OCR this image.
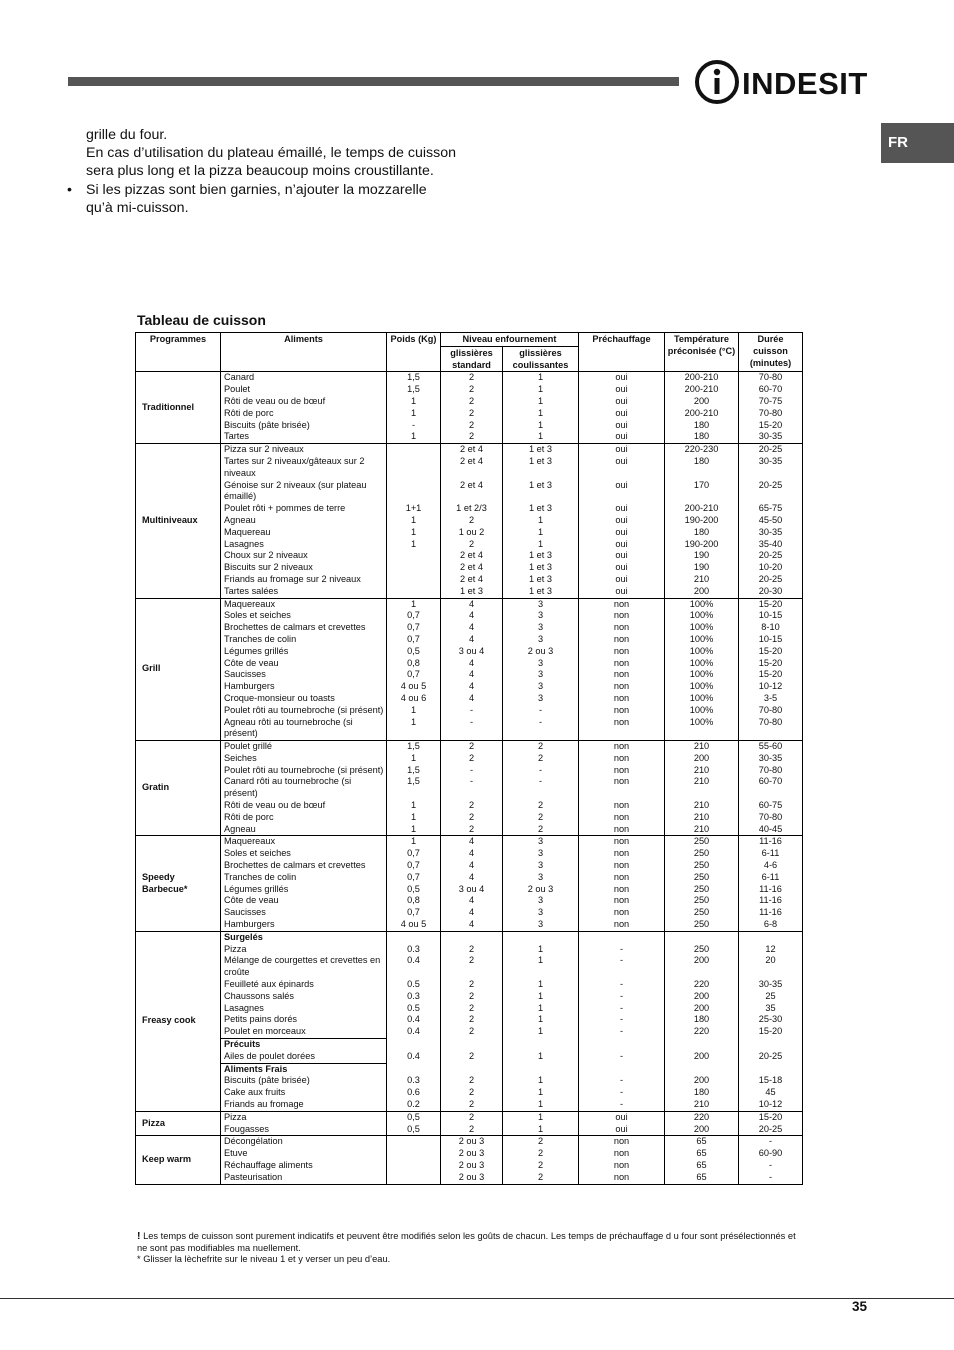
INDESIT
FR

grille du four.
En cas d’utilisation du plateau émaillé, le temps de cuisson sera plus long et la pizza beaucoup moins croustillante.

• Si les pizzas sont bien garnies, n’ajouter la mozzarelle qu’à mi-cuisson.

Tableau de cuisson
Programmes	Aliments	Poids (Kg)	Niveau enfournement		Préchauffage	Température préconisée (°C)	Durée cuisson (minutes)
			glissières standard	glissières coulissantes			
Traditionnel	Canard	1,5	2	1	oui	200-210	70-80
	Poulet	1,5	2	1	oui	200-210	60-70
	Rôti de veau ou de bœuf	1	2	1	oui	200	70-75
	Rôti de porc	1	2	1	oui	200-210	70-80
	Biscuits (pâte brisée)	-	2	1	oui	180	15-20
	Tartes	1	2	1	oui	180	30-35
Multiniveaux	Pizza sur 2 niveaux		2 et 4	1 et 3	oui	220-230	20-25
	Tartes sur 2 niveaux/gâteaux sur 2 niveaux		2 et 4	1 et 3	oui	180	30-35
	Génoise sur 2 niveaux (sur plateau émaillé)		2 et 4	1 et 3	oui	170	20-25
	Poulet rôti + pommes de terre	1+1	1 et 2/3	1 et 3	oui	200-210	65-75
	Agneau	1	2	1	oui	190-200	45-50
	Maquereau	1	1 ou 2	1	oui	180	30-35
	Lasagnes	1	2	1	oui	190-200	35-40
	Choux sur 2 niveaux		2 et 4	1 et 3	oui	190	20-25
	Biscuits sur 2 niveaux		2 et 4	1 et 3	oui	190	10-20
	Friands au fromage sur 2 niveaux		2 et 4	1 et 3	oui	210	20-25
	Tartes salées		1 et 3	1 et 3	oui	200	20-30
Grill	Maquereaux	1	4	3	non	100%	15-20
	Soles et seiches	0,7	4	3	non	100%	10-15
	Brochettes de calmars et crevettes	0,7	4	3	non	100%	8-10
	Tranches de colin	0,7	4	3	non	100%	10-15
	Légumes grillés	0,5	3 ou 4	2 ou 3	non	100%	15-20
	Côte de veau	0,8	4	3	non	100%	15-20
	Saucisses	0,7	4	3	non	100%	15-20
	Hamburgers	4 ou 5	4	3	non	100%	10-12
	Croque-monsieur ou toasts	4 ou 6	4	3	non	100%	3-5
	Poulet rôti au tournebroche (si présent)	1	-	-	non	100%	70-80
	Agneau rôti au tournebroche (si présent)	1	-	-	non	100%	70-80
Gratin	Poulet grillé	1,5	2	2	non	210	55-60
	Seiches	1	2	2	non	200	30-35
	Poulet rôti au tournebroche (si présent)	1,5	-	-	non	210	70-80
	Canard rôti au tournebroche (si présent)	1,5	-	-	non	210	60-70
	Rôti de veau ou de bœuf	1	2	2	non	210	60-75
	Rôti de porc	1	2	2	non	210	70-80
	Agneau	1	2	2	non	210	40-45
Speedy Barbecue*	Maquereaux	1	4	3	non	250	11-16
	Soles et seiches	0,7	4	3	non	250	6-11
	Brochettes de calmars et crevettes	0,7	4	3	non	250	4-6
	Tranches de colin	0,7	4	3	non	250	6-11
	Légumes grillés	0,5	3 ou 4	2 ou 3	non	250	11-16
	Côte de veau	0,8	4	3	non	250	11-16
	Saucisses	0,7	4	3	non	250	11-16
	Hamburgers	4 ou 5	4	3	non	250	6-8
Freasy cook	Surgelés						
	Pizza	0.3	2	1	-	250	12
	Mélange de courgettes et crevettes en croûte	0.4	2	1	-	200	20
	Feuilleté aux épinards	0.5	2	1	-	220	30-35
	Chaussons salés	0.3	2	1	-	200	25
	Lasagnes	0.5	2	1	-	200	35
	Petits pains dorés	0.4	2	1	-	180	25-30
	Poulet en morceaux	0.4	2	1	-	220	15-20
	Précuits						
	Ailes de poulet dorées	0.4	2	1	-	200	20-25
	Aliments Frais						
	Biscuits (pâte brisée)	0.3	2	1	-	200	15-18
	Cake aux fruits	0.6	2	1	-	180	45
	Friands au fromage	0.2	2	1	-	210	10-12
Pizza	Pizza	0,5	2	1	oui	220	15-20
	Fougasses	0,5	2	1	oui	200	20-25
Keep warm	Décongélation		2 ou 3	2	non	65	-
	Etuve		2 ou 3	2	non	65	60-90
	Réchauffage aliments		2 ou 3	2	non	65	-
	Pasteurisation		2 ou 3	2	non	65	-

! Les temps de cuisson sont purement indicatifs et peuvent être modifiés selon les goûts de chacun. Les temps de préchauffage d u four sont présélectionnés et ne sont pas modifiables ma nuellement.

* Glisser la lèchefrite sur le niveau 1 et y verser un peu d’eau.

35
